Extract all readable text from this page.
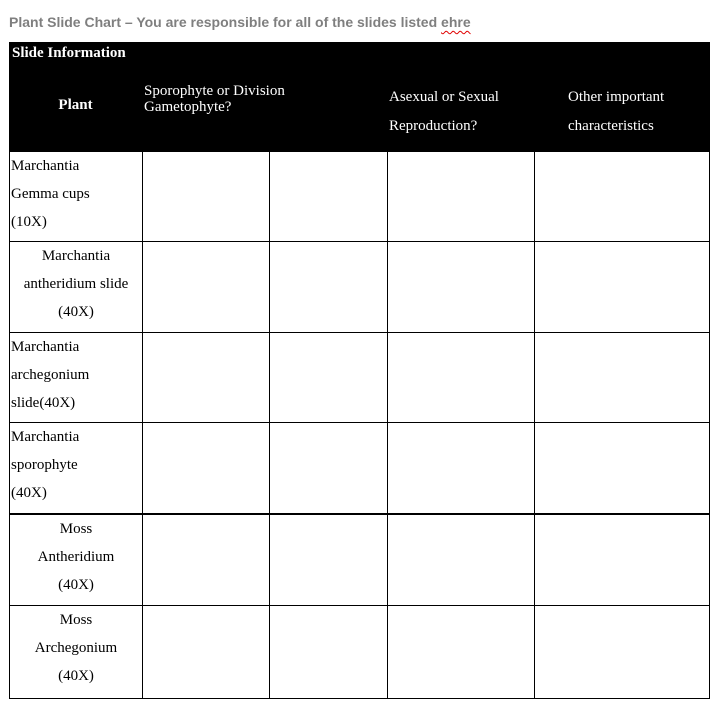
Plant Slide Chart – You are responsible for all of the slides listed ehre
Slide Information
Plant
Sporophyte or Division
Gametophyte?
Asexual or Sexual
Reproduction?
Other important
characteristics
Marchantia
Gemma cups
(10X)
Marchantia
antheridium slide
(40X)
Marchantia
archegonium
slide(40X)
Marchantia
sporophyte
(40X)
Moss
Antheridium
(40X)
Moss
Archegonium
(40X)
